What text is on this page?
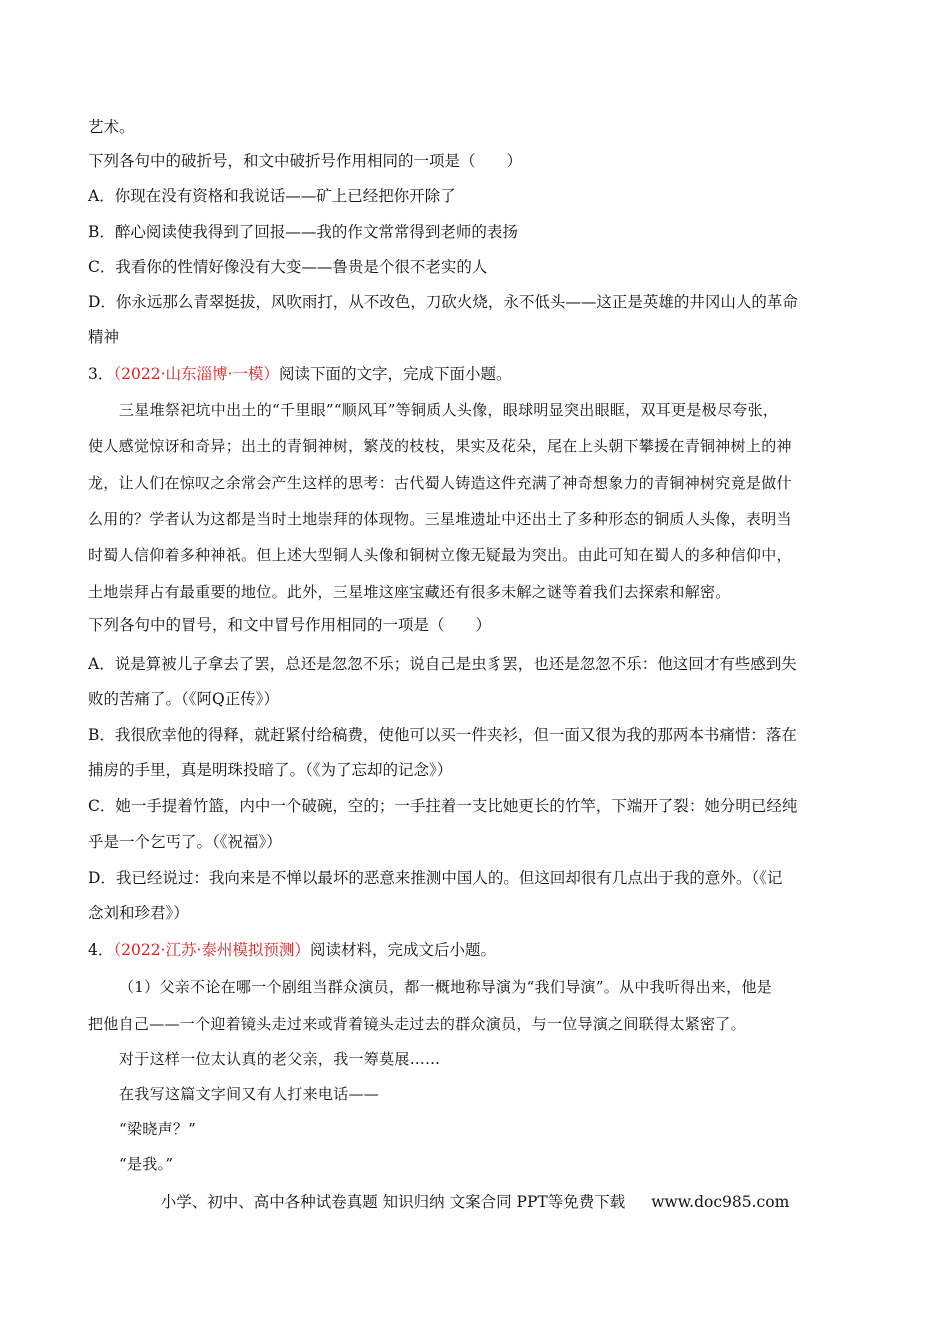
艺术。
下列各句中的破折号，和文中破折号作用相同的一项是（　　）
A．你现在没有资格和我说话——矿上已经把你开除了
B．醉心阅读使我得到了回报——我的作文常常得到老师的表扬
C．我看你的性情好像没有大变——鲁贵是个很不老实的人
D．你永远那么青翠挺拔，风吹雨打，从不改色，刀砍火烧，永不低头——这正是英雄的井冈山人的革命
精神
3．（2022·山东淄博·一模）阅读下面的文字，完成下面小题。
三星堆祭祀坑中出土的“千里眼”“顺风耳”等铜质人头像，眼球明显突出眼眶，双耳更是极尽夸张，
使人感觉惊讶和奇异；出土的青铜神树，繁茂的枝枝，果实及花朵，尾在上头朝下攀援在青铜神树上的神
龙，让人们在惊叹之余常会产生这样的思考：古代蜀人铸造这件充满了神奇想象力的青铜神树究竟是做什
么用的？学者认为这都是当时土地崇拜的体现物。三星堆遗址中还出土了多种形态的铜质人头像，表明当
时蜀人信仰着多种神祇。但上述大型铜人头像和铜树立像无疑最为突出。由此可知在蜀人的多种信仰中，
土地崇拜占有最重要的地位。此外，三星堆这座宝藏还有很多未解之谜等着我们去探索和解密。
下列各句中的冒号，和文中冒号作用相同的一项是（　　）
A．说是算被儿子拿去了罢，总还是忽忽不乐；说自己是虫豸罢，也还是忽忽不乐：他这回才有些感到失
败的苦痛了。（《阿Q正传》）
B．我很欣幸他的得释，就赶紧付给稿费，使他可以买一件夹衫，但一面又很为我的那两本书痛惜：落在
捕房的手里，真是明珠投暗了。（《为了忘却的记念》）
C．她一手提着竹篮，内中一个破碗，空的；一手拄着一支比她更长的竹竿，下端开了裂：她分明已经纯
乎是一个乞丐了。（《祝福》）
D．我已经说过：我向来是不惮以最坏的恶意来推测中国人的。但这回却很有几点出于我的意外。（《记
念刘和珍君》）
4．（2022·江苏·泰州模拟预测）阅读材料，完成文后小题。
（1）父亲不论在哪一个剧组当群众演员，都一概地称导演为“我们导演”。从中我听得出来，他是
把他自己——一个迎着镜头走过来或背着镜头走过去的群众演员，与一位导演之间联得太紧密了。
对于这样一位太认真的老父亲，我一筹莫展……
在我写这篇文字间又有人打来电话——
“梁晓声？”
“是我。”
小学、初中、高中各种试卷真题 知识归纳 文案合同 PPT等免费下载 www.doc985.com
